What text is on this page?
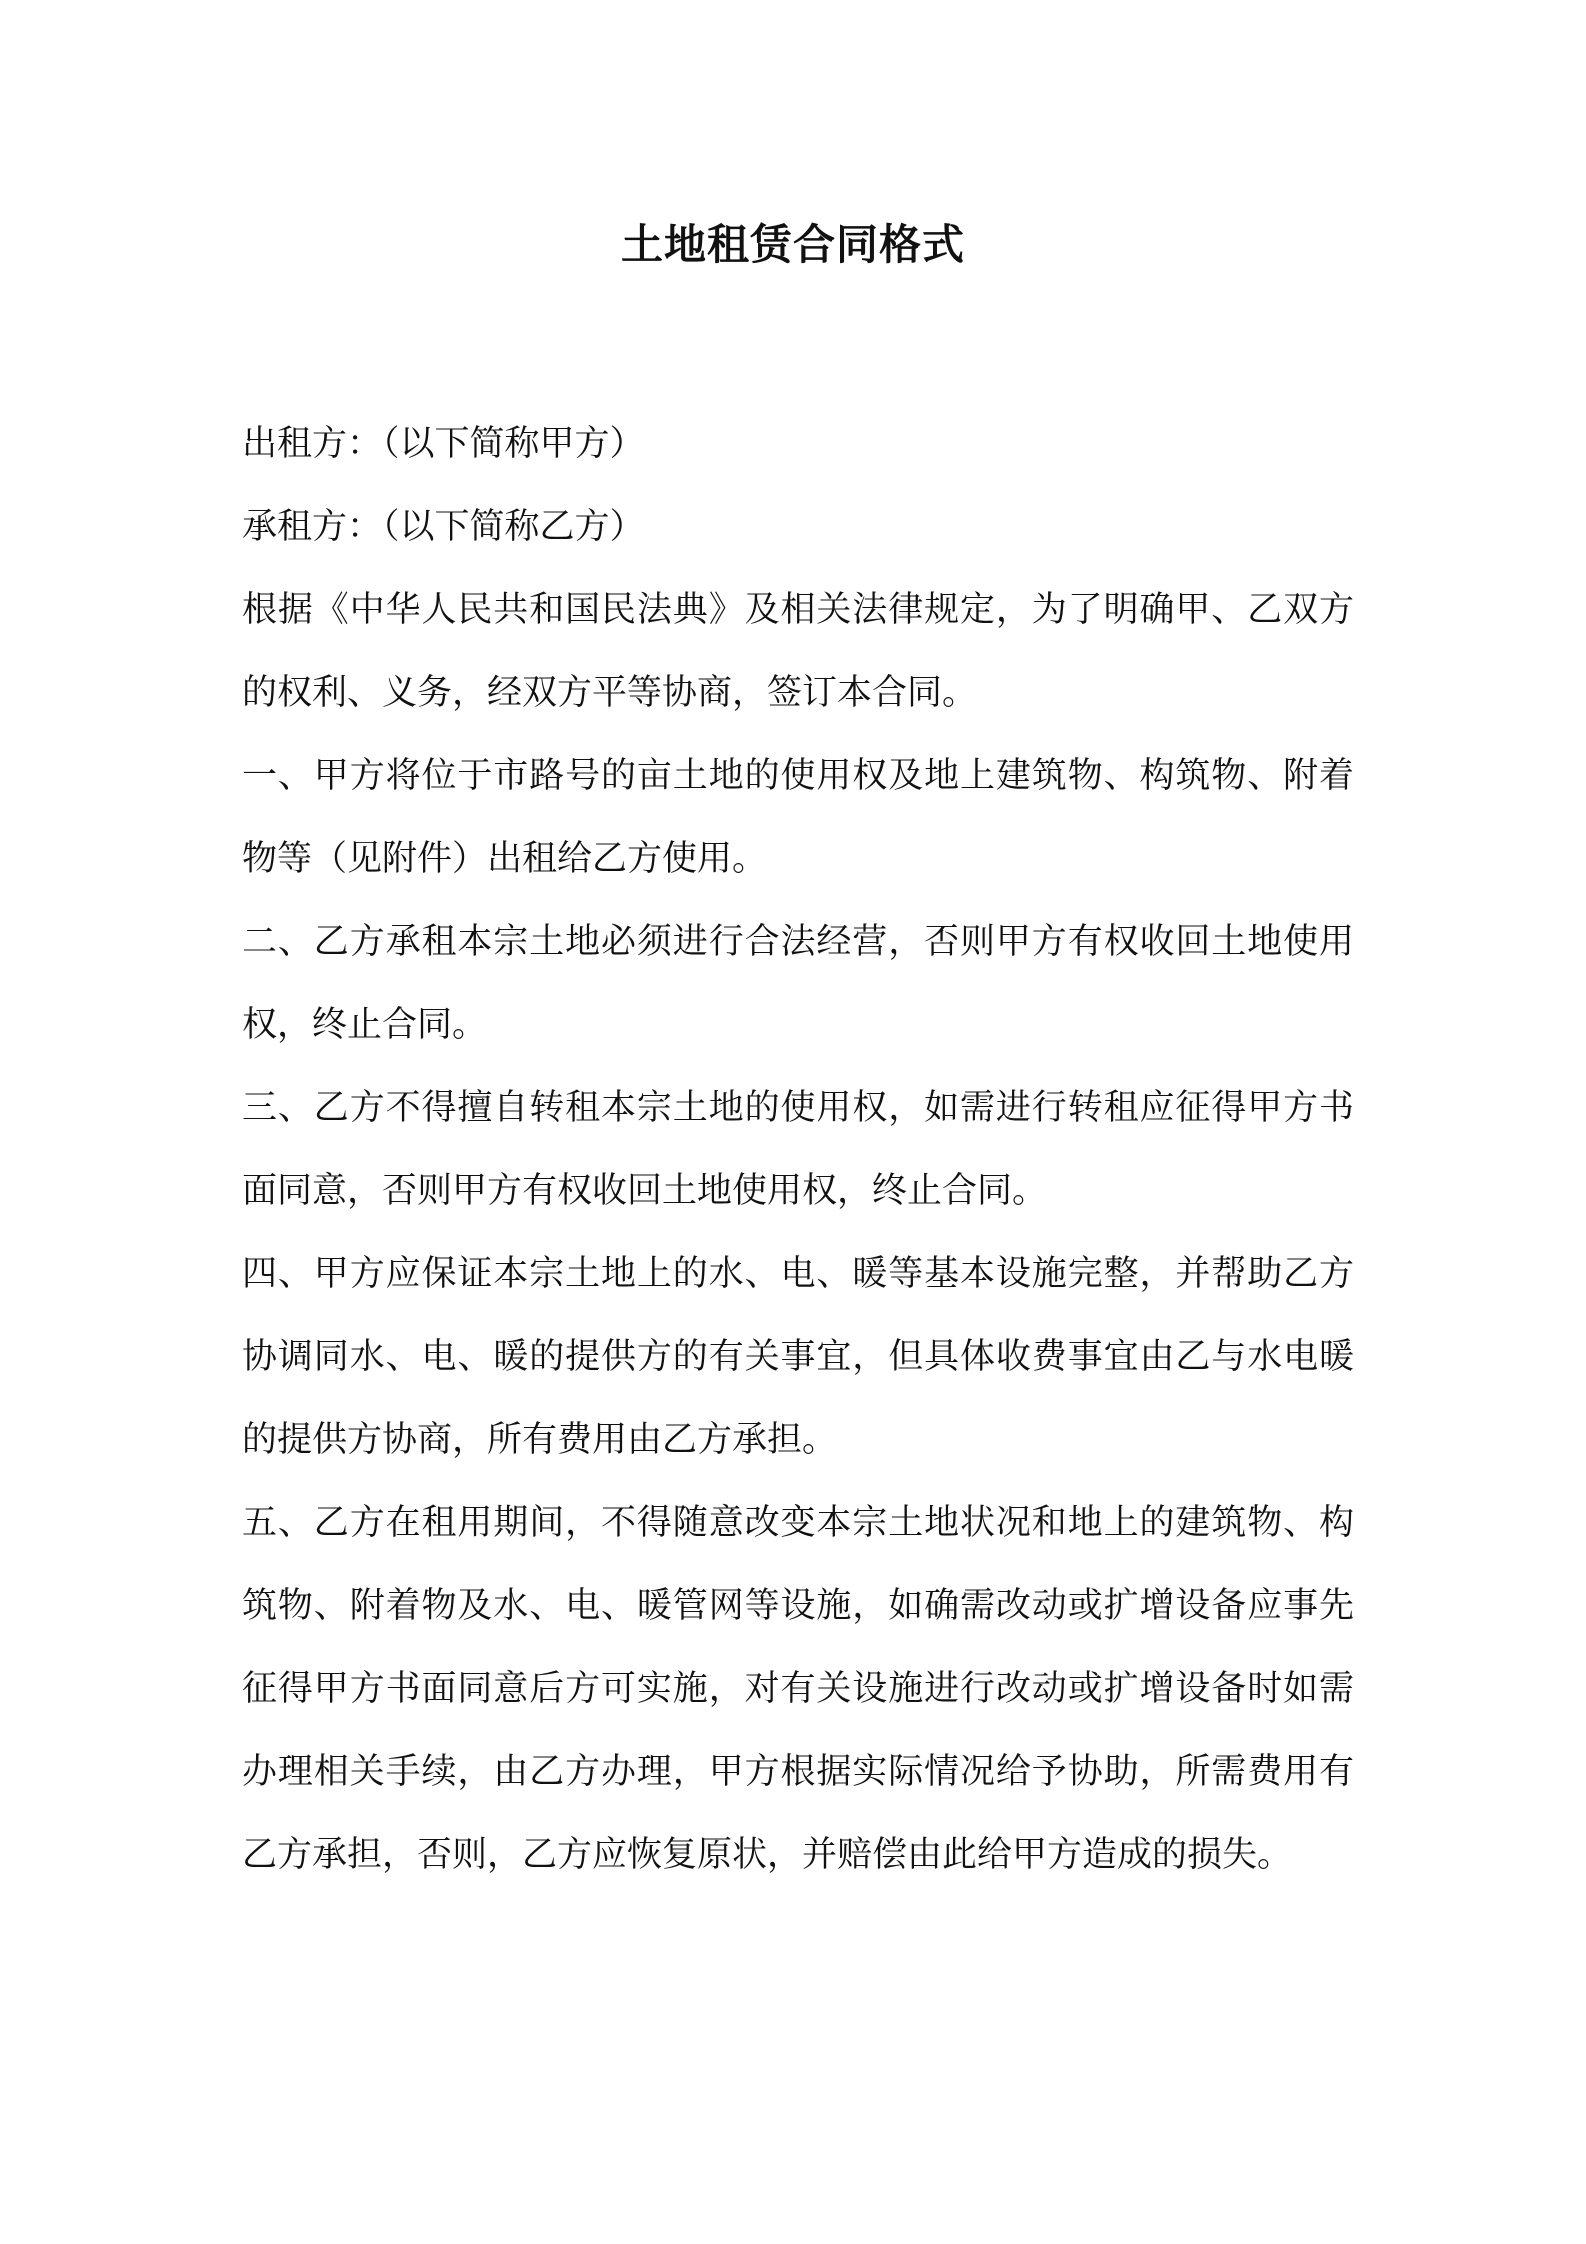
土地租赁合同格式

出租方：（以下简称甲方）

承租方：（以下简称乙方）

根据《中华人民共和国民法典》及相关法律规定，为了明确甲、乙双方的权利、义务，经双方平等协商，签订本合同。

一、甲方将位于市路号的亩土地的使用权及地上建筑物、构筑物、附着物等（见附件）出租给乙方使用。

二、乙方承租本宗土地必须进行合法经营，否则甲方有权收回土地使用权，终止合同。

三、乙方不得擅自转租本宗土地的使用权，如需进行转租应征得甲方书面同意，否则甲方有权收回土地使用权，终止合同。

四、甲方应保证本宗土地上的水、电、暖等基本设施完整，并帮助乙方协调同水、电、暖的提供方的有关事宜，但具体收费事宜由乙与水电暖的提供方协商，所有费用由乙方承担。

五、乙方在租用期间，不得随意改变本宗土地状况和地上的建筑物、构筑物、附着物及水、电、暖管网等设施，如确需改动或扩增设备应事先征得甲方书面同意后方可实施，对有关设施进行改动或扩增设备时如需办理相关手续，由乙方办理，甲方根据实际情况给予协助，所需费用有乙方承担，否则，乙方应恢复原状，并赔偿由此给甲方造成的损失。
